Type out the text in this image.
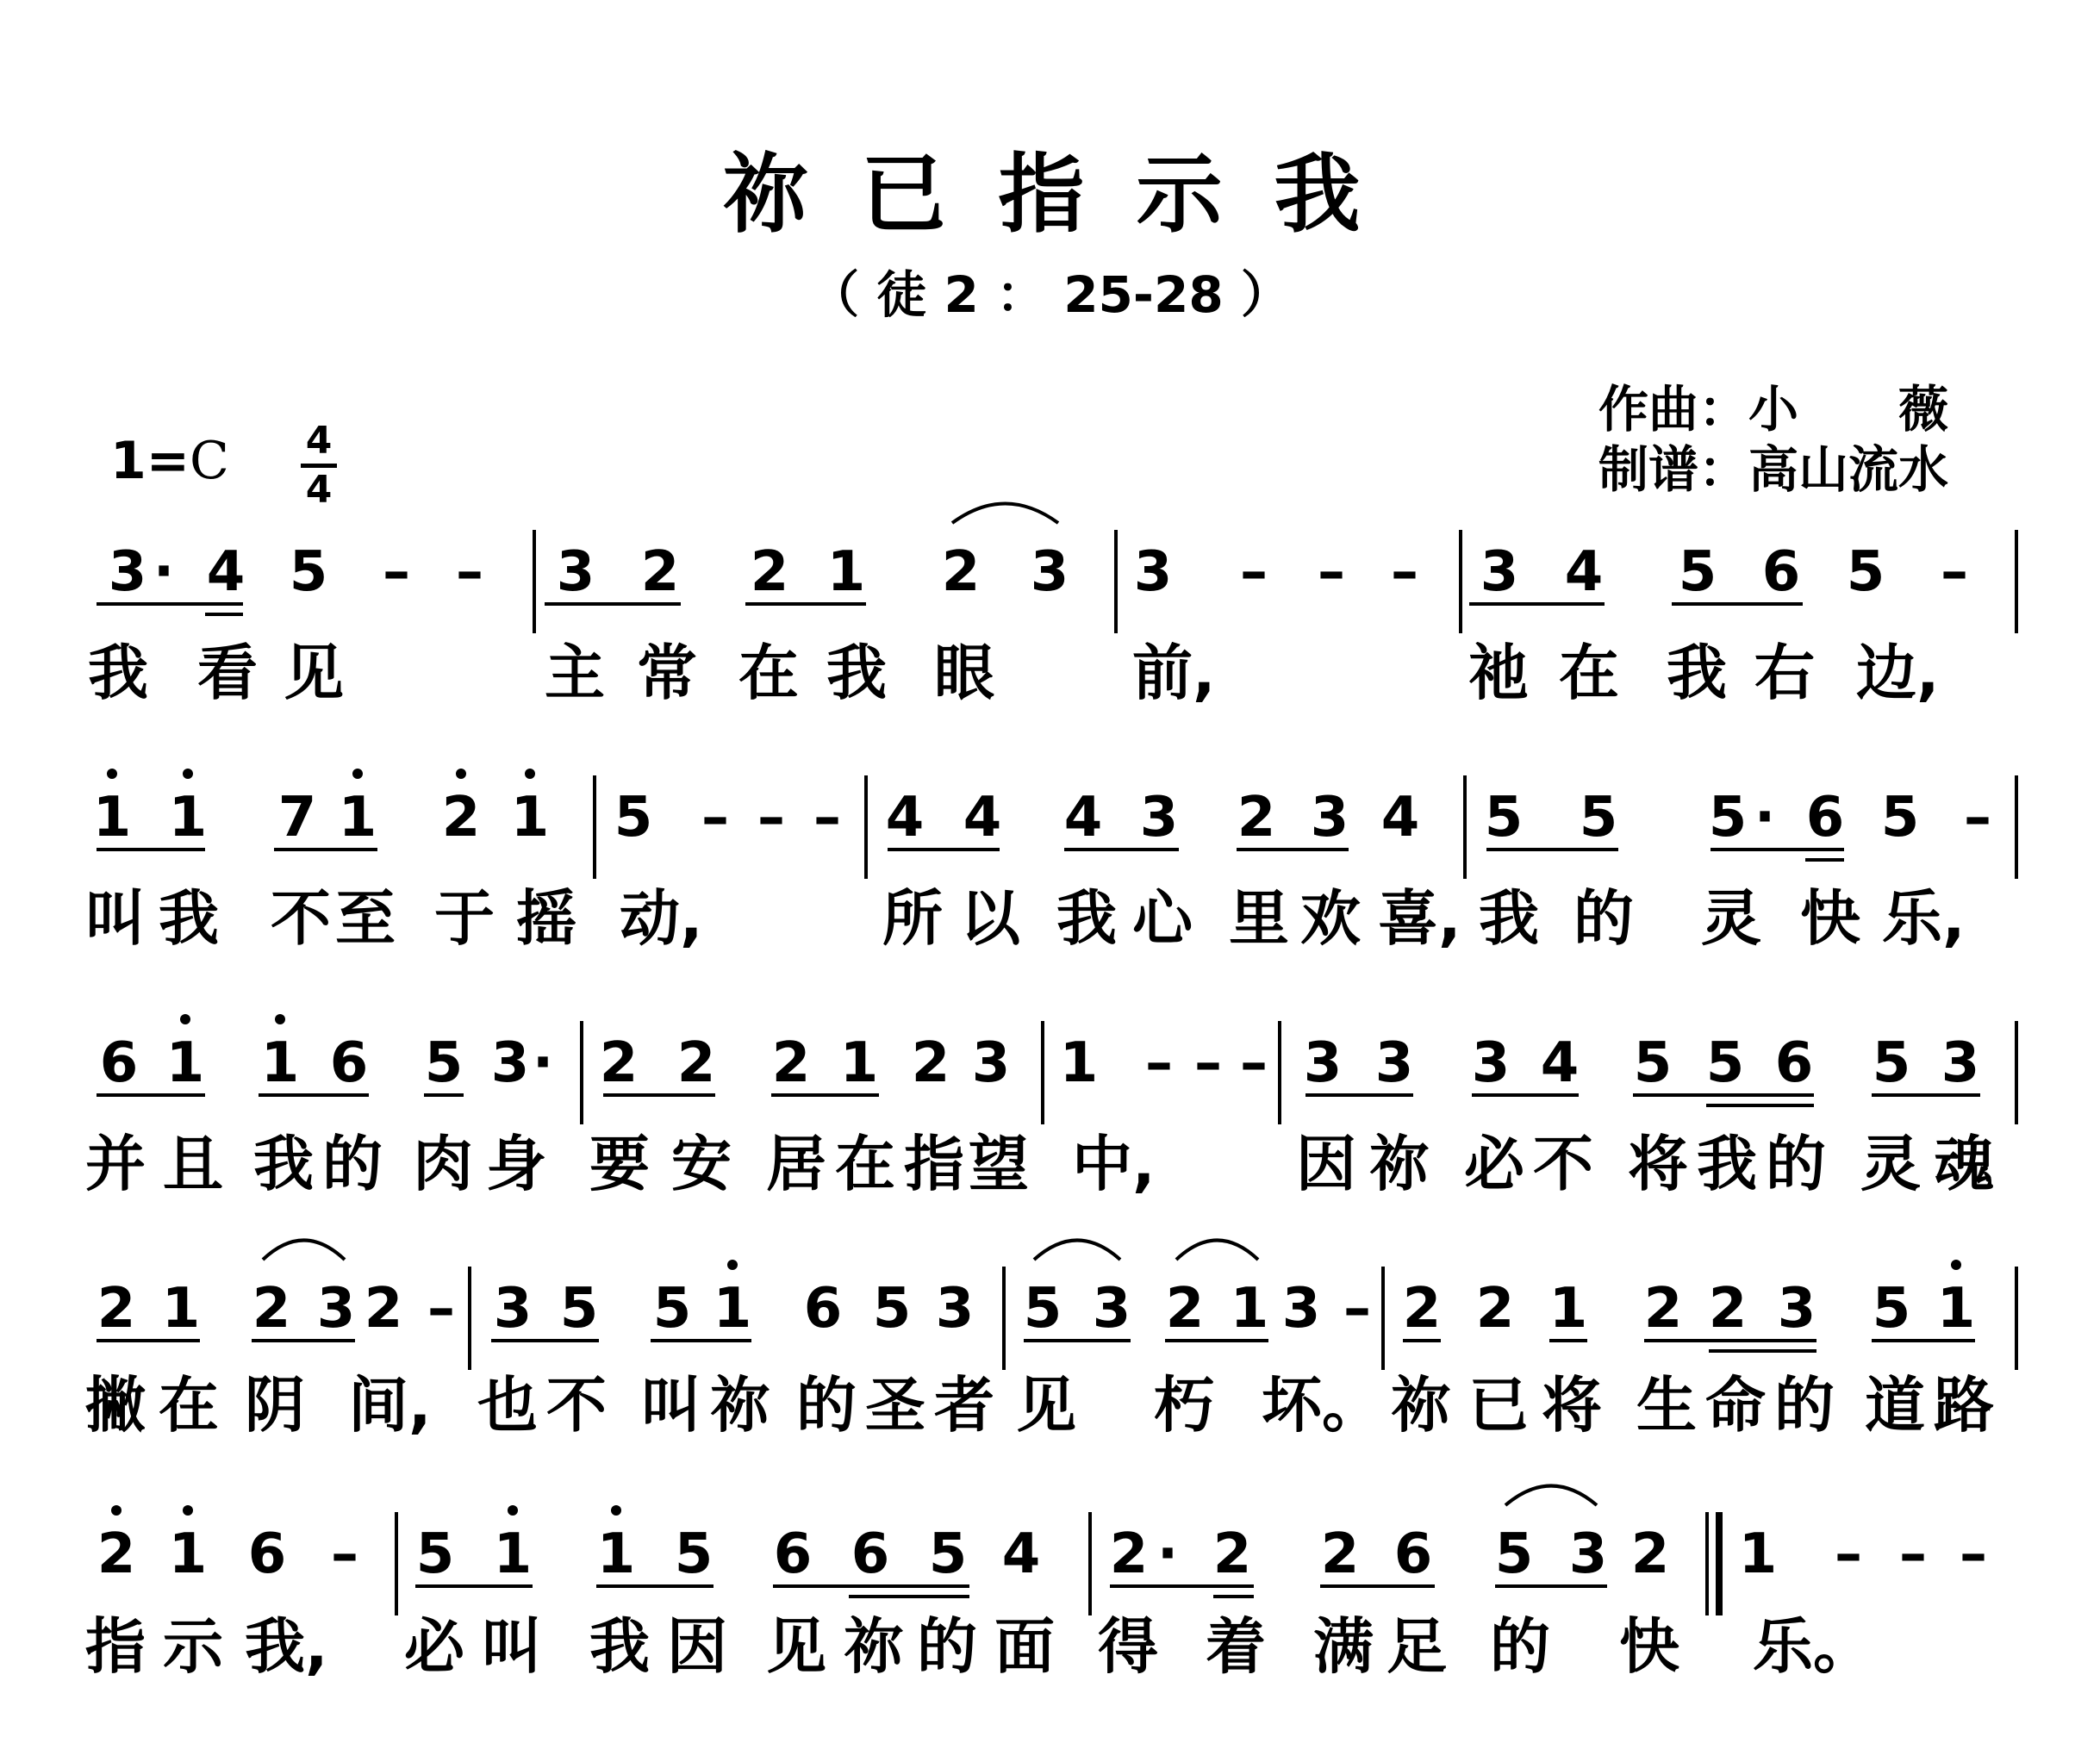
祢已指示我
（ 徒 2 ： 25-28 ）
作曲：小　　薇
制谱：高山流水
1=C 4
4
3 · 4 5 – – 3 2 2 1 2 3 3 – – – 3 4 5 6 5 –
我 看 见	主 常 在 我 眼 前,	祂 在 我 右 边,
1 1 7 1 2 1 5 – – – 4 4 4 3 2 3 4 5 5 5 · 6 5 –
叫 我 不 至 于 摇 动,	所 以 我 心 里 欢 喜, 我 的 灵 快 乐,
6 1 1 6 5 3 · 2 2 2 1 2 3 1 – – – 3 3 3 4 5 5 6 5 3
并 且 我 的 肉 身 要 安 居 在 指 望 中, 因 祢 必 不 将 我 的 灵 魂
2 1 2 3 2 – 3 5 5 1 6 5 3 5 3 2 1 3 – 2 2 1 2 2 3 5 1
撇 在 阴 间, 也 不 叫 祢 的 圣 者 见 朽 坏。 祢 已 将 生 命 的 道 路
2 1 6 – 5 1 1 5 6 6 5 4 2 · 2 2 6 5 3 2 1 – – –
指 示 我, 必 叫 我 因 见 祢 的 面 得 着 满 足 的 快 乐。
